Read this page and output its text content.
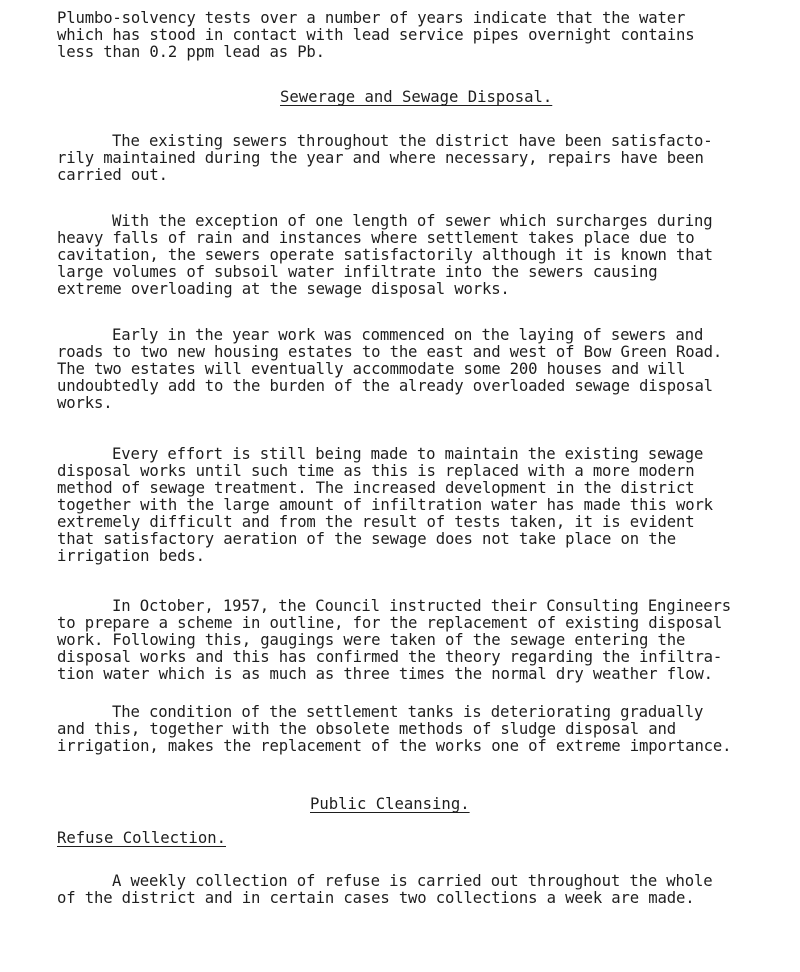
Plumbo-solvency tests over a number of years indicate that the water
which has stood in contact with lead service pipes overnight contains
less than 0.2 ppm lead as Pb.
Sewerage and Sewage Disposal.
The existing sewers throughout the district have been satisfacto-
rily maintained during the year and where necessary, repairs have been
carried out.
With the exception of one length of sewer which surcharges during
heavy falls of rain and instances where settlement takes place due to
cavitation, the sewers operate satisfactorily although it is known that
large volumes of subsoil water infiltrate into the sewers causing
extreme overloading at the sewage disposal works.
Early in the year work was commenced on the laying of sewers and
roads to two new housing estates to the east and west of Bow Green Road.
The two estates will eventually accommodate some 200 houses and will
undoubtedly add to the burden of the already overloaded sewage disposal
works.
Every effort is still being made to maintain the existing sewage
disposal works until such time as this is replaced with a more modern
method of sewage treatment. The increased development in the district
together with the large amount of infiltration water has made this work
extremely difficult and from the result of tests taken, it is evident
that satisfactory aeration of the sewage does not take place on the
irrigation beds.
In October, 1957, the Council instructed their Consulting Engineers
to prepare a scheme in outline, for the replacement of existing disposal
work. Following this, gaugings were taken of the sewage entering the
disposal works and this has confirmed the theory regarding the infiltra-
tion water which is as much as three times the normal dry weather flow.
The condition of the settlement tanks is deteriorating gradually
and this, together with the obsolete methods of sludge disposal and
irrigation, makes the replacement of the works one of extreme importance.
Public Cleansing.
Refuse Collection.
A weekly collection of refuse is carried out throughout the whole
of the district and in certain cases two collections a week are made.
